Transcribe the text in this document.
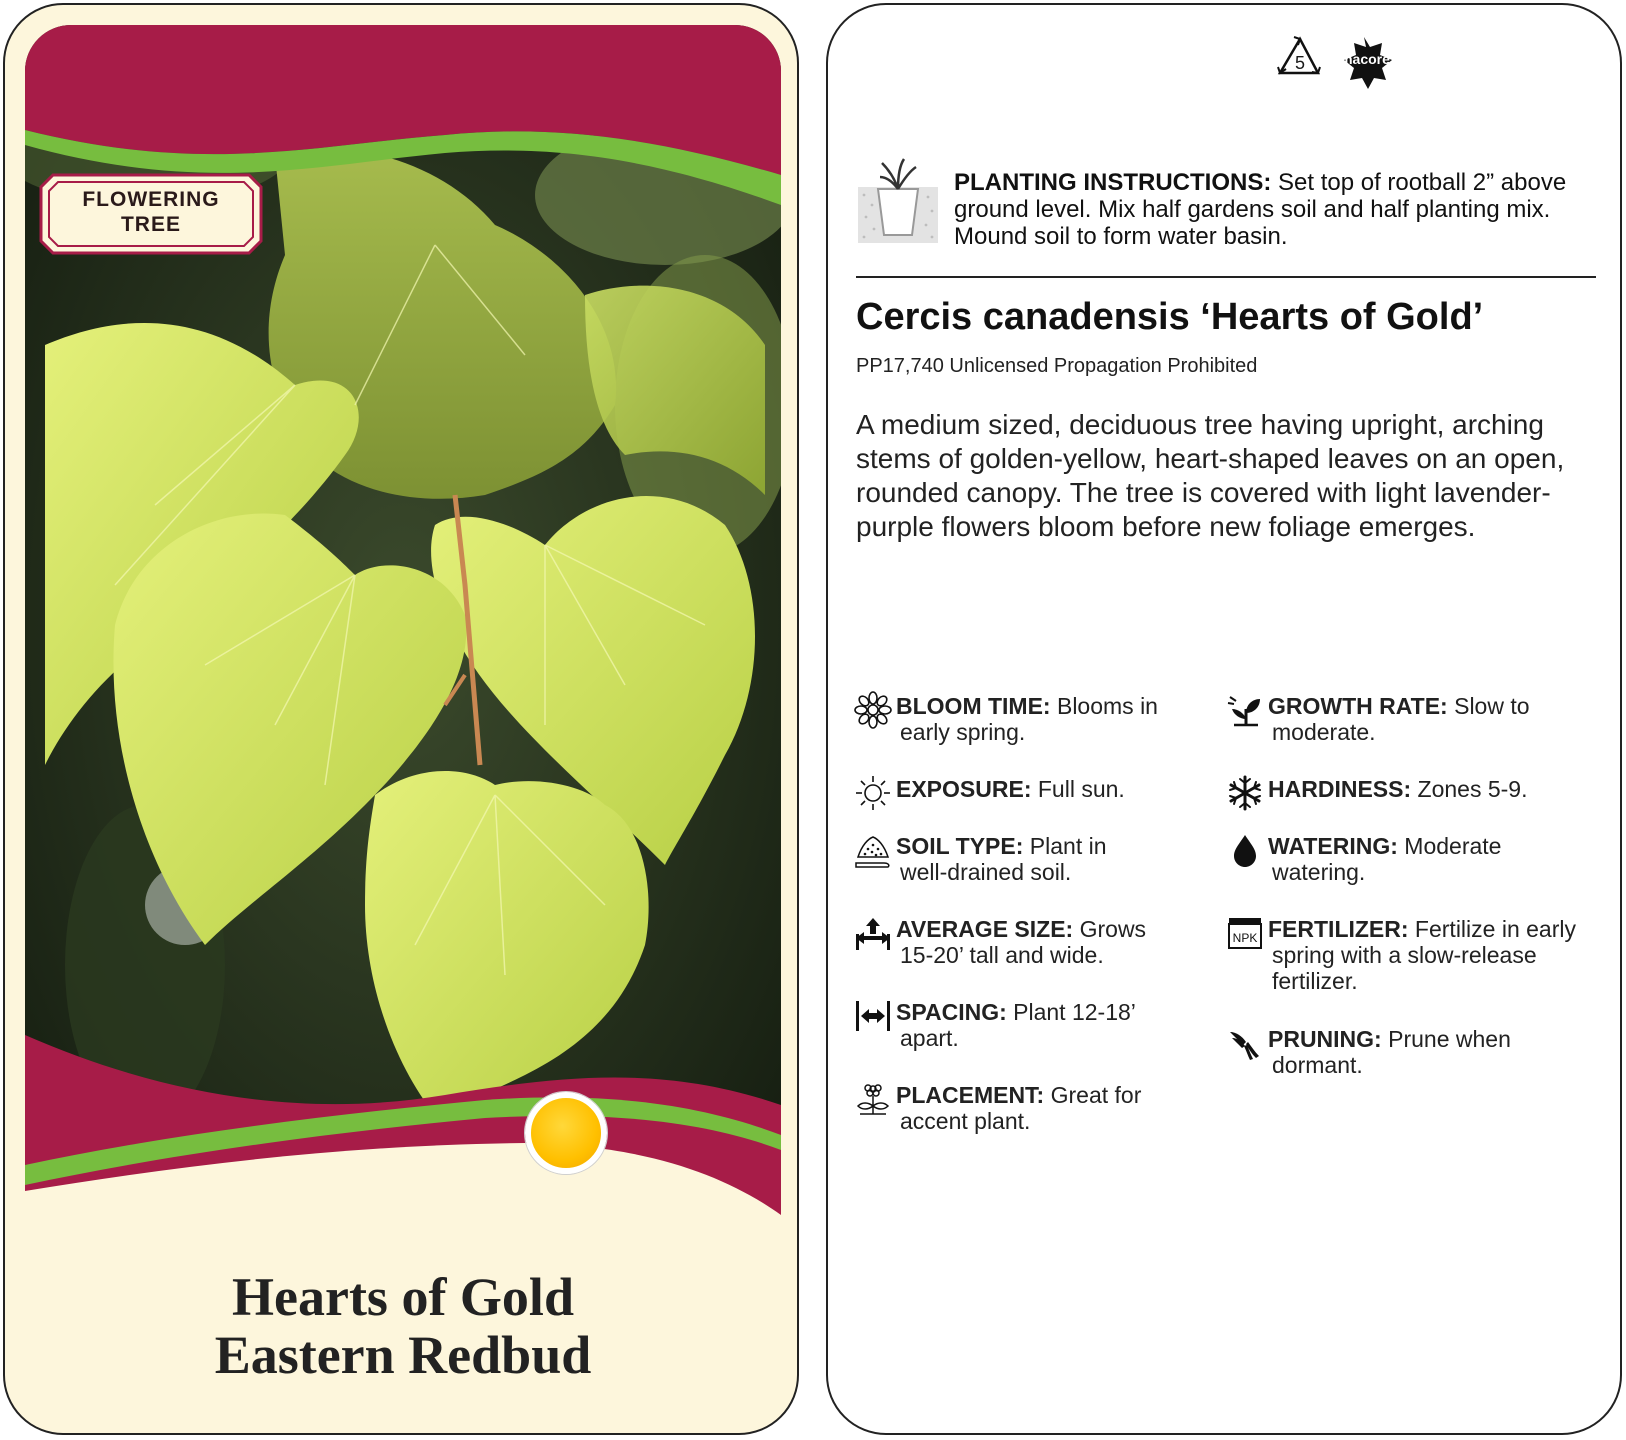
FLOWERING
TREE
Hearts of Gold
Eastern Redbud
5	macore
PLANTING INSTRUCTIONS: Set top of rootball 2” above ground level. Mix half gardens soil and half planting mix. Mound soil to form water basin.
Cercis canadensis ‘Hearts of Gold’
PP17,740 Unlicensed Propagation Prohibited
A medium sized, deciduous tree having upright, arching stems of golden-yellow, heart-shaped leaves on an open, rounded canopy. The tree is covered with light lavender-purple flowers bloom before new foliage emerges.
BLOOM TIME: Blooms in
early spring.
EXPOSURE: Full sun.
SOIL TYPE: Plant in
well-drained soil.
AVERAGE SIZE: Grows
15-20’ tall and wide.
SPACING: Plant 12-18’
apart.
PLACEMENT: Great for
accent plant.
GROWTH RATE: Slow to
moderate.
HARDINESS: Zones 5-9.
WATERING: Moderate
watering.
NPK FERTILIZER: Fertilize in early
spring with a slow-release
fertilizer.
PRUNING: Prune when
dormant.
